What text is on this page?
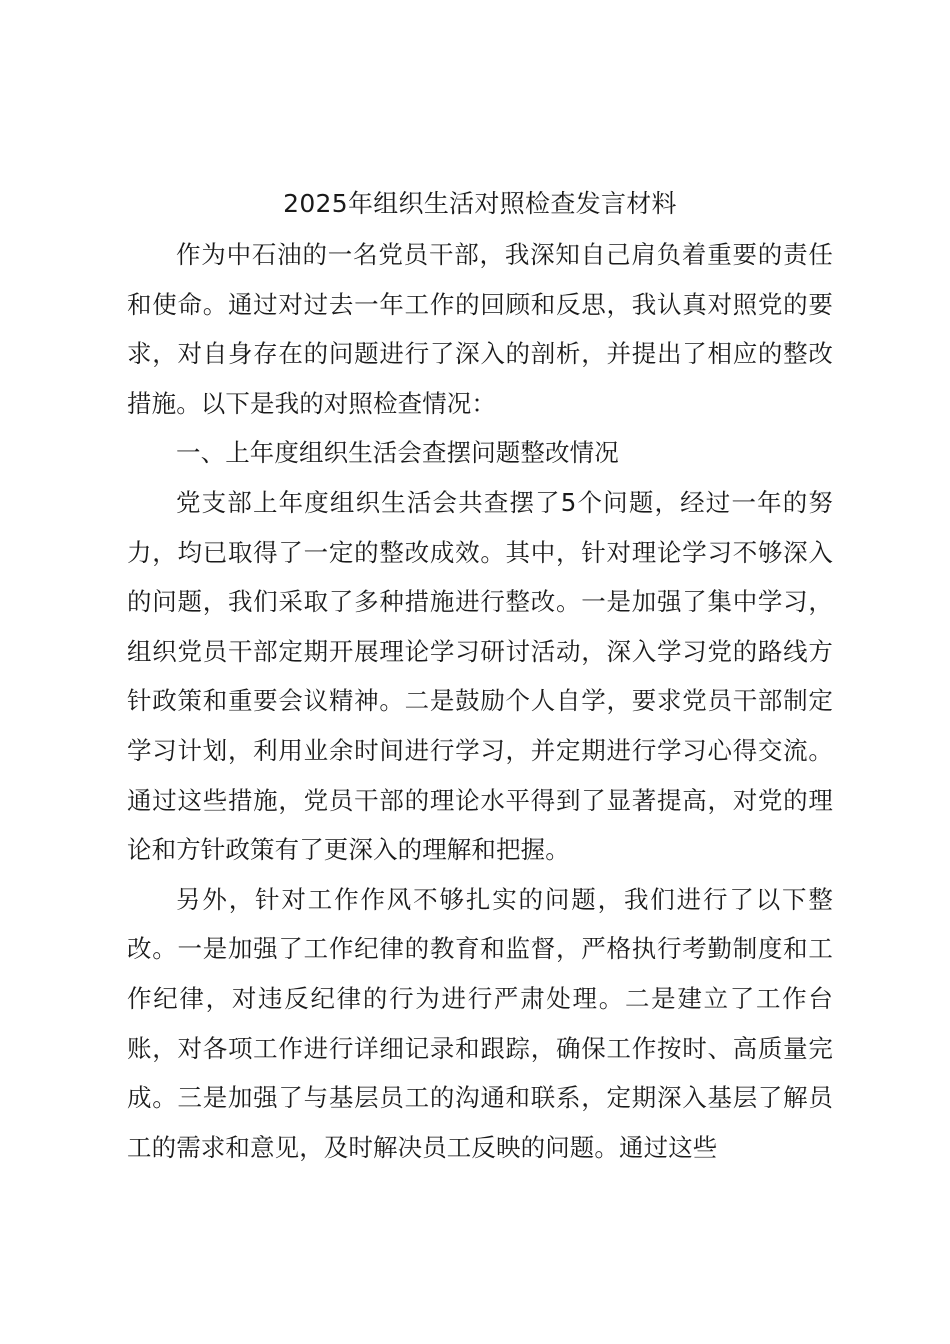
2025年组织生活对照检查发言材料

作为中石油的一名党员干部，我深知自己肩负着重要的责任和使命。通过对过去一年工作的回顾和反思，我认真对照党的要求，对自身存在的问题进行了深入的剖析，并提出了相应的整改措施。以下是我的对照检查情况：

一、上年度组织生活会查摆问题整改情况

党支部上年度组织生活会共查摆了5个问题，经过一年的努力，均已取得了一定的整改成效。其中，针对理论学习不够深入的问题，我们采取了多种措施进行整改。一是加强了集中学习，组织党员干部定期开展理论学习研讨活动，深入学习党的路线方针政策和重要会议精神。二是鼓励个人自学，要求党员干部制定学习计划，利用业余时间进行学习，并定期进行学习心得交流。通过这些措施，党员干部的理论水平得到了显著提高，对党的理论和方针政策有了更深入的理解和把握。

另外，针对工作作风不够扎实的问题，我们进行了以下整改。一是加强了工作纪律的教育和监督，严格执行考勤制度和工作纪律，对违反纪律的行为进行严肃处理。二是建立了工作台账，对各项工作进行详细记录和跟踪，确保工作按时、高质量完成。三是加强了与基层员工的沟通和联系，定期深入基层了解员工的需求和意见，及时解决员工反映的问题。通过这些
